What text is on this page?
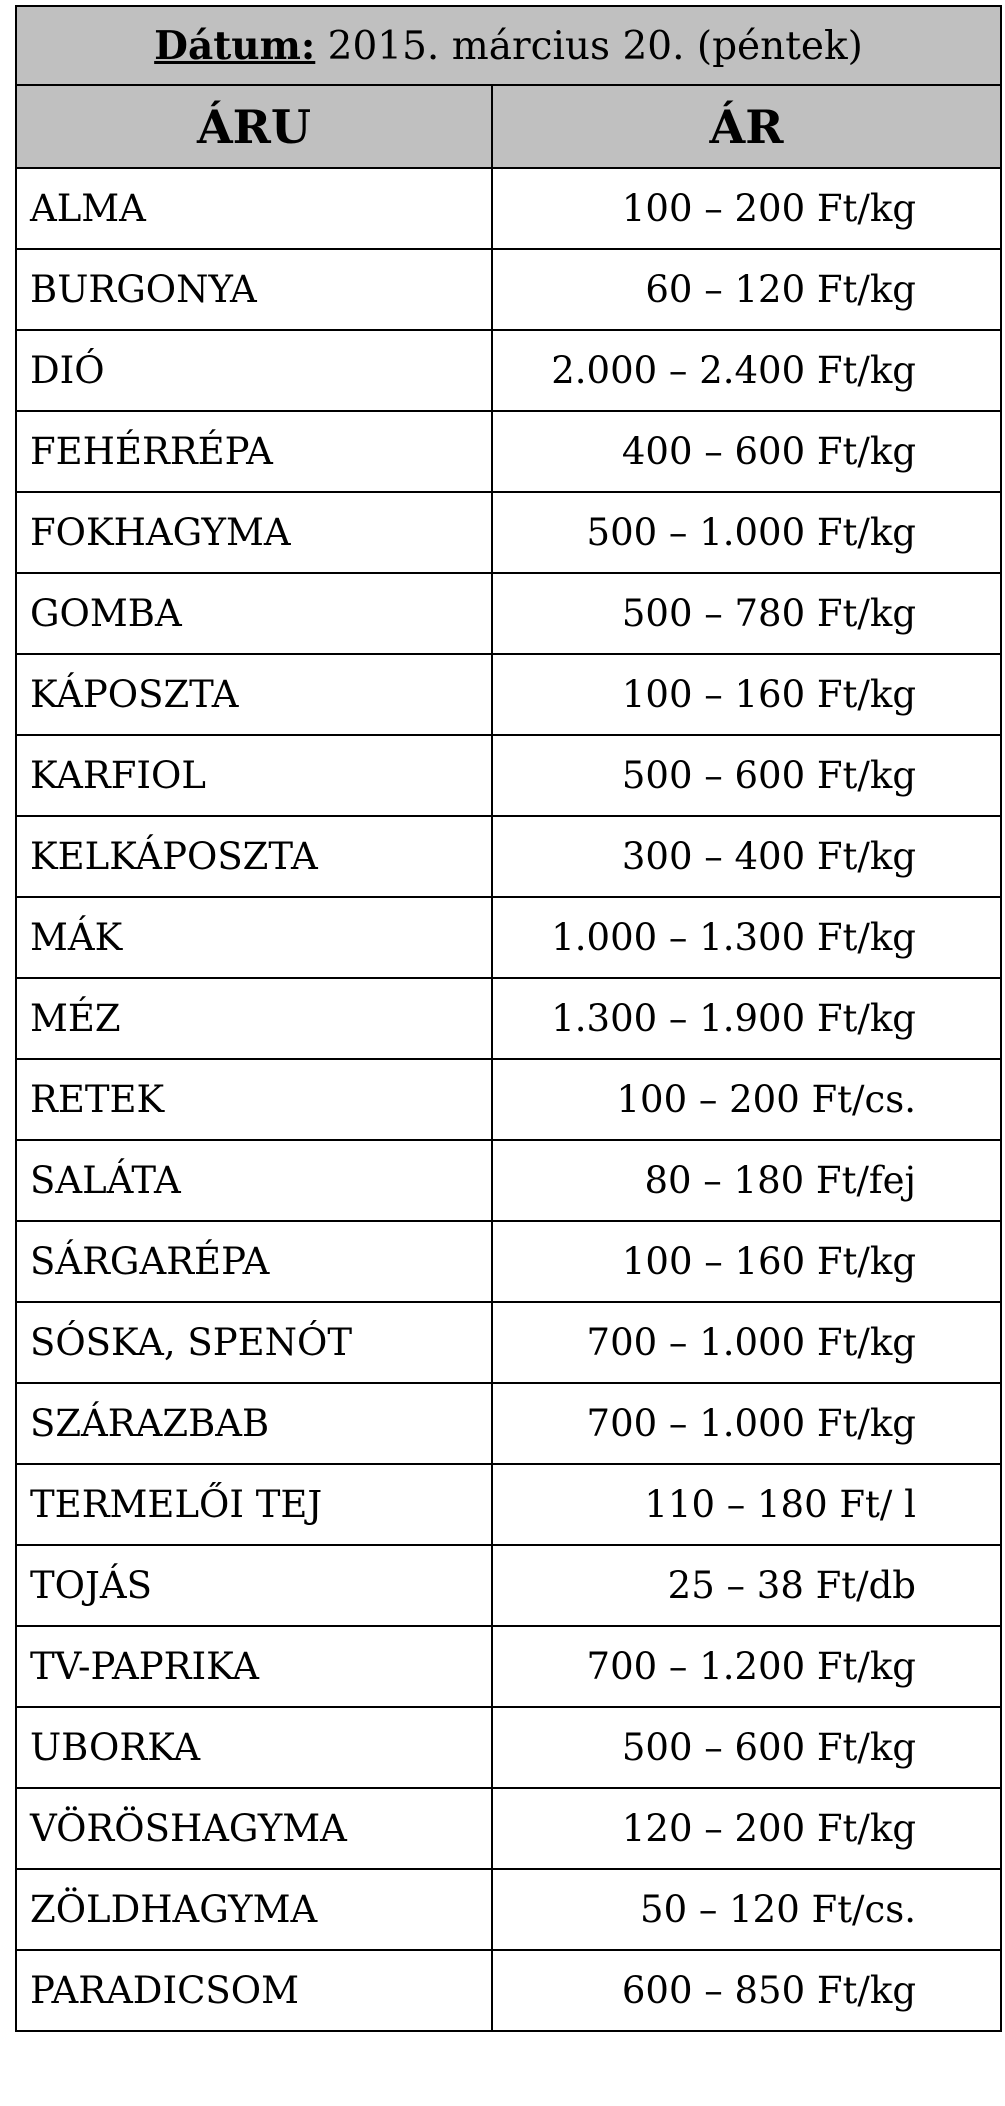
Dátum: 2015. március 20. (péntek)	
ÁRU	ÁR
ALMA	100 – 200 Ft/kg
BURGONYA	60 – 120 Ft/kg
DIÓ	2.000 – 2.400 Ft/kg
FEHÉRRÉPA	400 – 600 Ft/kg
FOKHAGYMA	500 – 1.000 Ft/kg
GOMBA	500 – 780 Ft/kg
KÁPOSZTA	100 – 160 Ft/kg
KARFIOL	500 – 600 Ft/kg
KELKÁPOSZTA	300 – 400 Ft/kg
MÁK	1.000 – 1.300 Ft/kg
MÉZ	1.300 – 1.900 Ft/kg
RETEK	100 – 200 Ft/cs.
SALÁTA	80 – 180 Ft/fej
SÁRGARÉPA	100 – 160 Ft/kg
SÓSKA, SPENÓT	700 – 1.000 Ft/kg
SZÁRAZBAB	700 – 1.000 Ft/kg
TERMELŐI TEJ	110 – 180 Ft/ l
TOJÁS	25 – 38 Ft/db
TV-PAPRIKA	700 – 1.200 Ft/kg
UBORKA	500 – 600 Ft/kg
VÖRÖSHAGYMA	120 – 200 Ft/kg
ZÖLDHAGYMA	50 – 120 Ft/cs.
PARADICSOM	600 – 850 Ft/kg
